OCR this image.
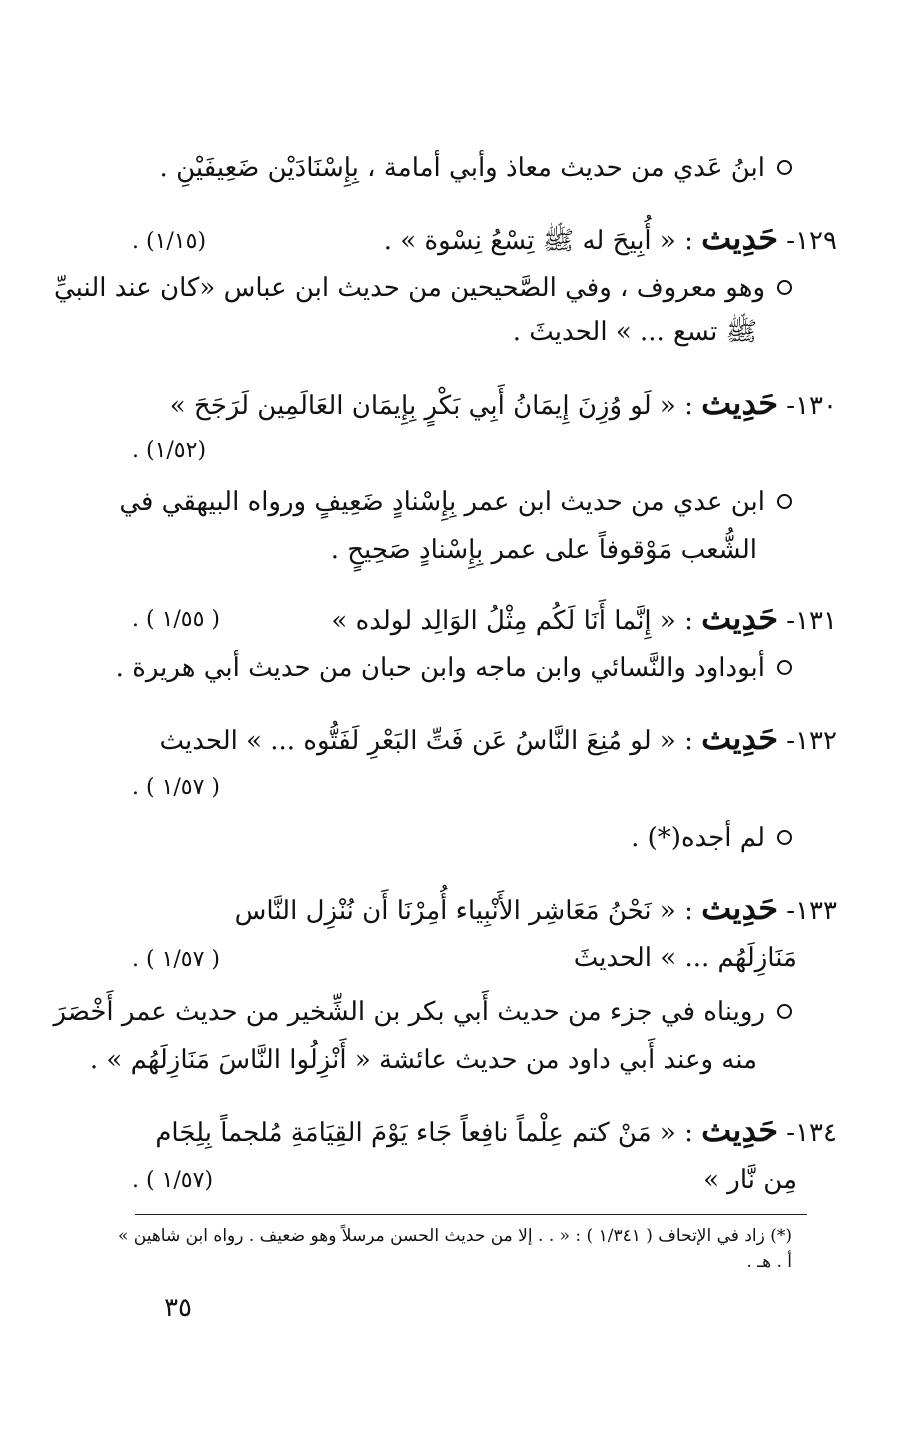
ابنُ عَدي من حديث معاذ وأبي أمامة ، بِإِسْنَادَيْن ضَعِيفَيْنِ .
١٢٩- حَدِيث : « أُبِيحَ له ﷺ تِسْعُ نِسْوة » .
(١/١٥) .
وهو معروف ، وفي الصَّحيحين من حديث ابن عباس «كان عند النبيِّ
ﷺ تسع ... » الحديثَ .
١٣٠- حَدِيث : « لَو وُزِنَ إِيمَانُ أَبِي بَكْرٍ بِإِيمَان العَالَمِين لَرَجَحَ »
(١/٥٢) .
ابن عدي من حديث ابن عمر بِإِسْنادٍ ضَعِيفٍ ورواه البيهقي في
الشُّعب مَوْقوفاً على عمر بِإِسْنادٍ صَحِيحٍ .
١٣١- حَدِيث : « إِنَّما أَنَا لَكُم مِثْلُ الوَالِد لولده »
( ١/٥٥ ) .
أبوداود والنَّسائي وابن ماجه وابن حبان من حديث أبي هريرة .
١٣٢- حَدِيث : « لو مُنِعَ النَّاسُ عَن فَتِّ البَعْرِ لَفَتُّوه ... » الحديث
( ١/٥٧ ) .
لم أجده(*) .
١٣٣- حَدِيث : « نَحْنُ مَعَاشِر الأَنْبِياء أُمِرْنَا أَن نُنْزِل النَّاس
مَنَازِلَهُم ... » الحديثَ
( ١/٥٧ ) .
رويناه في جزء من حديث أَبي بكر بن الشِّخير من حديث عمر أَخْصَرَ
منه وعند أَبي داود من حديث عائشة « أَنْزِلُوا النَّاسَ مَنَازِلَهُم » .
١٣٤- حَدِيث : « مَنْ كتم عِلْماً نافِعاً جَاء يَوْمَ القِيَامَةِ مُلجماً بِلِجَام
مِن نَّار »
(١/٥٧ ) .
(*) زاد في الإتحاف ( ١/٣٤١ ) : « . . إلا من حديث الحسن مرسلاً وهو ضعيف . رواه ابن شاهين »
أ . هـ .
٣٥
